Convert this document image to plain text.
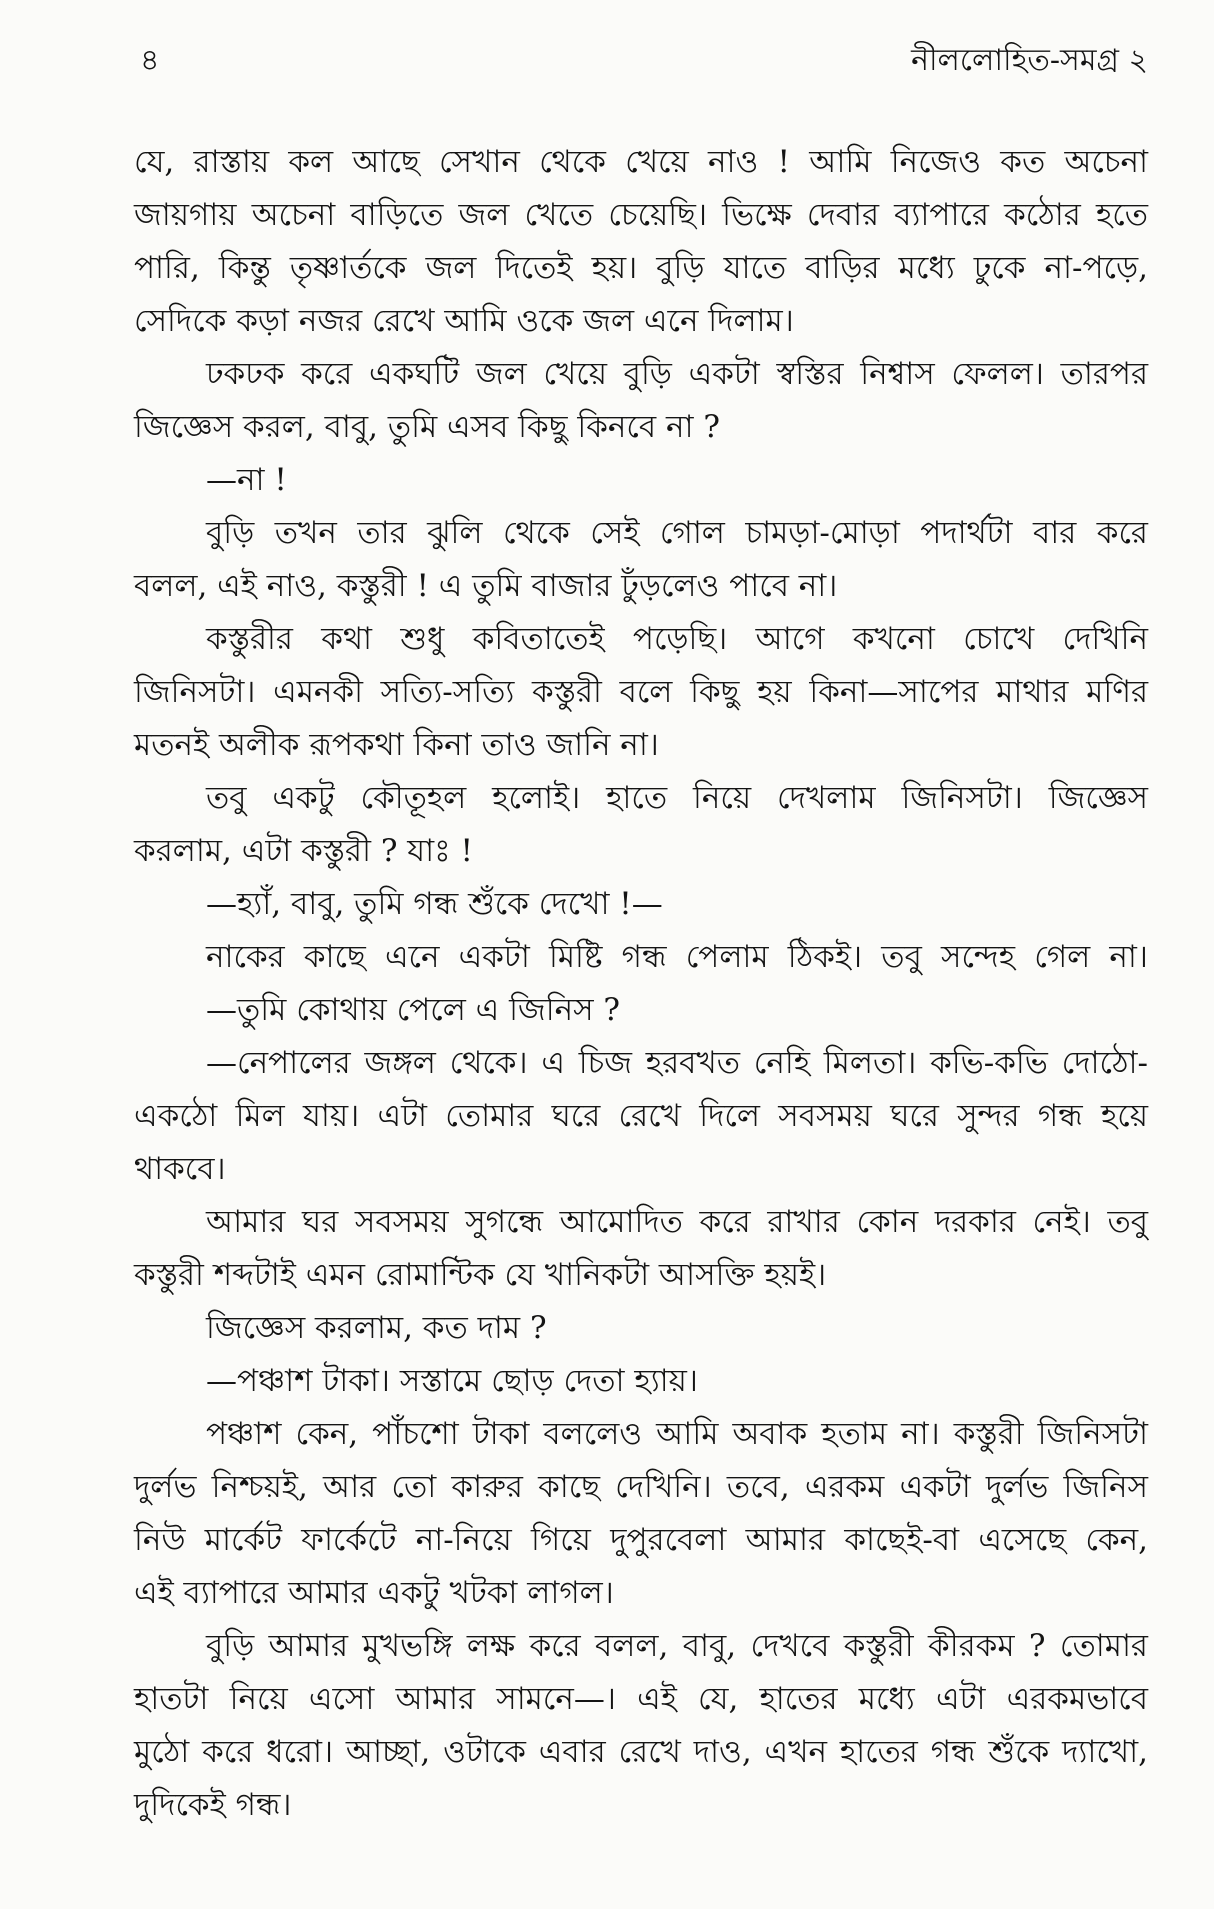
৪	নীললোহিত-সমগ্র ২
যে, রাস্তায় কল আছে সেখান থেকে খেয়ে নাও ! আমি নিজেও কত অচেনা
জায়গায় অচেনা বাড়িতে জল খেতে চেয়েছি। ভিক্ষে দেবার ব্যাপারে কঠোর হতে
পারি, কিন্তু তৃষ্ণার্তকে জল দিতেই হয়। বুড়ি যাতে বাড়ির মধ্যে ঢুকে না-পড়ে,
সেদিকে কড়া নজর রেখে আমি ওকে জল এনে দিলাম।
ঢকঢক করে একঘটি জল খেয়ে বুড়ি একটা স্বস্তির নিশ্বাস ফেলল। তারপর
জিজ্ঞেস করল, বাবু, তুমি এসব কিছু কিনবে না ?
—না !
বুড়ি তখন তার ঝুলি থেকে সেই গোল চামড়া-মোড়া পদার্থটা বার করে
বলল, এই নাও, কস্তুরী ! এ তুমি বাজার ঢুঁড়লেও পাবে না।
কস্তুরীর কথা শুধু কবিতাতেই পড়েছি। আগে কখনো চোখে দেখিনি
জিনিসটা। এমনকী সত্যি-সত্যি কস্তুরী বলে কিছু হয় কিনা—সাপের মাথার মণির
মতনই অলীক রূপকথা কিনা তাও জানি না।
তবু একটু কৌতূহল হলোই। হাতে নিয়ে দেখলাম জিনিসটা। জিজ্ঞেস
করলাম, এটা কস্তুরী ? যাঃ !
—হ্যাঁ, বাবু, তুমি গন্ধ শুঁকে দেখো !—
নাকের কাছে এনে একটা মিষ্টি গন্ধ পেলাম ঠিকই। তবু সন্দেহ গেল না।
—তুমি কোথায় পেলে এ জিনিস ?
—নেপালের জঙ্গল থেকে। এ চিজ হরবখত নেহি মিলতা। কভি-কভি দোঠো-
একঠো মিল যায়। এটা তোমার ঘরে রেখে দিলে সবসময় ঘরে সুন্দর গন্ধ হয়ে
থাকবে।
আমার ঘর সবসময় সুগন্ধে আমোদিত করে রাখার কোন দরকার নেই। তবু
কস্তুরী শব্দটাই এমন রোমান্টিক যে খানিকটা আসক্তি হয়ই।
জিজ্ঞেস করলাম, কত দাম ?
—পঞ্চাশ টাকা। সস্তামে ছোড় দেতা হ্যায়।
পঞ্চাশ কেন, পাঁচশো টাকা বললেও আমি অবাক হতাম না। কস্তুরী জিনিসটা
দুর্লভ নিশ্চয়ই, আর তো কারুর কাছে দেখিনি। তবে, এরকম একটা দুর্লভ জিনিস
নিউ মার্কেট ফার্কেটে না-নিয়ে গিয়ে দুপুরবেলা আমার কাছেই-বা এসেছে কেন,
এই ব্যাপারে আমার একটু খটকা লাগল।
বুড়ি আমার মুখভঙ্গি লক্ষ করে বলল, বাবু, দেখবে কস্তুরী কীরকম ? তোমার
হাতটা নিয়ে এসো আমার সামনে—। এই যে, হাতের মধ্যে এটা এরকমভাবে
মুঠো করে ধরো। আচ্ছা, ওটাকে এবার রেখে দাও, এখন হাতের গন্ধ শুঁকে দ্যাখো,
দুদিকেই গন্ধ।
